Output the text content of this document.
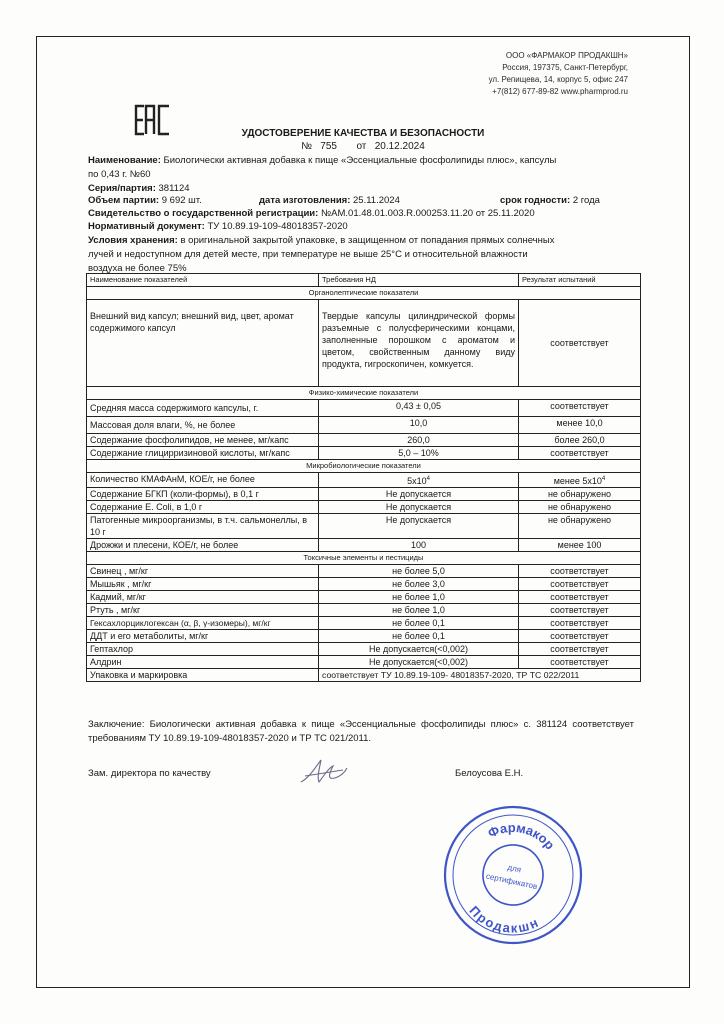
ООО «ФАРМАКОР ПРОДАКШН»
Россия, 197375, Санкт-Петербург,
ул. Репищева, 14, корпус 5, офис 247
+7(812) 677-89-82 www.pharmprod.ru
УДОСТОВЕРЕНИЕ КАЧЕСТВА И БЕЗОПАСНОСТИ
№ 755 от 20.12.2024
Наименование: Биологически активная добавка к пище «Эссенциальные фосфолипиды плюс», капсулы
по 0,43 г. №60
Серия/партия: 381124
Объем партии: 9 692 шт.	дата изготовления: 25.11.2024	срок годности: 2 года
Свидетельство о государственной регистрации: №AM.01.48.01.003.R.000253.11.20 от 25.11.2020
Нормативный документ: ТУ 10.89.19-109-48018357-2020
Условия хранения: в оригинальной закрытой упаковке, в защищенном от попадания прямых солнечных
лучей и недоступном для детей месте, при температуре не выше 25°С и относительной влажности
воздуха не более 75%
Наименование показателей	Требования НД	Результат испытаний
Органолептические показатели		
Внешний вид капсул; внешний вид, цвет, аромат содержимого капсул	Твердые капсулы цилиндрической формы разъемные с полусферическими концами, заполненные порошком с ароматом и цветом, свойственным данному виду продукта, гигроскопичен, комкуется.	соответствует
Физико-химические показатели		
Средняя масса содержимого капсулы, г.	0,43 ± 0,05	соответствует
Массовая доля влаги, %, не более	10,0	менее 10,0
Содержание фосфолипидов, не менее, мг/капс	260,0	более 260,0
Содержание глицирризиновой кислоты, мг/капс	5,0 – 10%	соответствует
Микробиологические показатели		
Количество КМАФАнМ, КОЕ/г, не более	$5x10^4$	менее $5x10^4$
Содержание БГКП (коли-формы), в 0,1 г	Не допускается	не обнаружено
Содержание E. Coli, в 1,0 г	Не допускается	не обнаружено
Патогенные микроорганизмы, в т.ч. сальмонеллы, в 10 г	Не допускается	не обнаружено
Дрожжи и плесени, КОЕ/г, не более	100	менее 100
Токсичные элементы и пестициды		
Свинец , мг/кг	не более 5,0	соответствует
Мышьяк , мг/кг	не более 3,0	соответствует
Кадмий, мг/кг	не более 1,0	соответствует
Ртуть , мг/кг	не более 1,0	соответствует
Гексахлорциклогексан (α, β, γ-изомеры), мг/кг	не более 0,1	соответствует
ДДТ и его метаболиты, мг/кг	не более 0,1	соответствует
Гептахлор	Не допускается(<0,002)	соответствует
Алдрин	Не допускается(<0,002)	соответствует
Упаковка и маркировка	соответствует ТУ 10.89.19-109- 48018357-2020, ТР ТС 022/2011	
Заключение: Биологически активная добавка к пище «Эссенциальные фосфолипиды плюс» с. 381124 соответствует требованиям ТУ 10.89.19-109-48018357-2020 и ТР ТС 021/2011.
Зам. директора по качеству	Белоусова Е.Н.
Фармакор
Продакшн
для
сертификатов
